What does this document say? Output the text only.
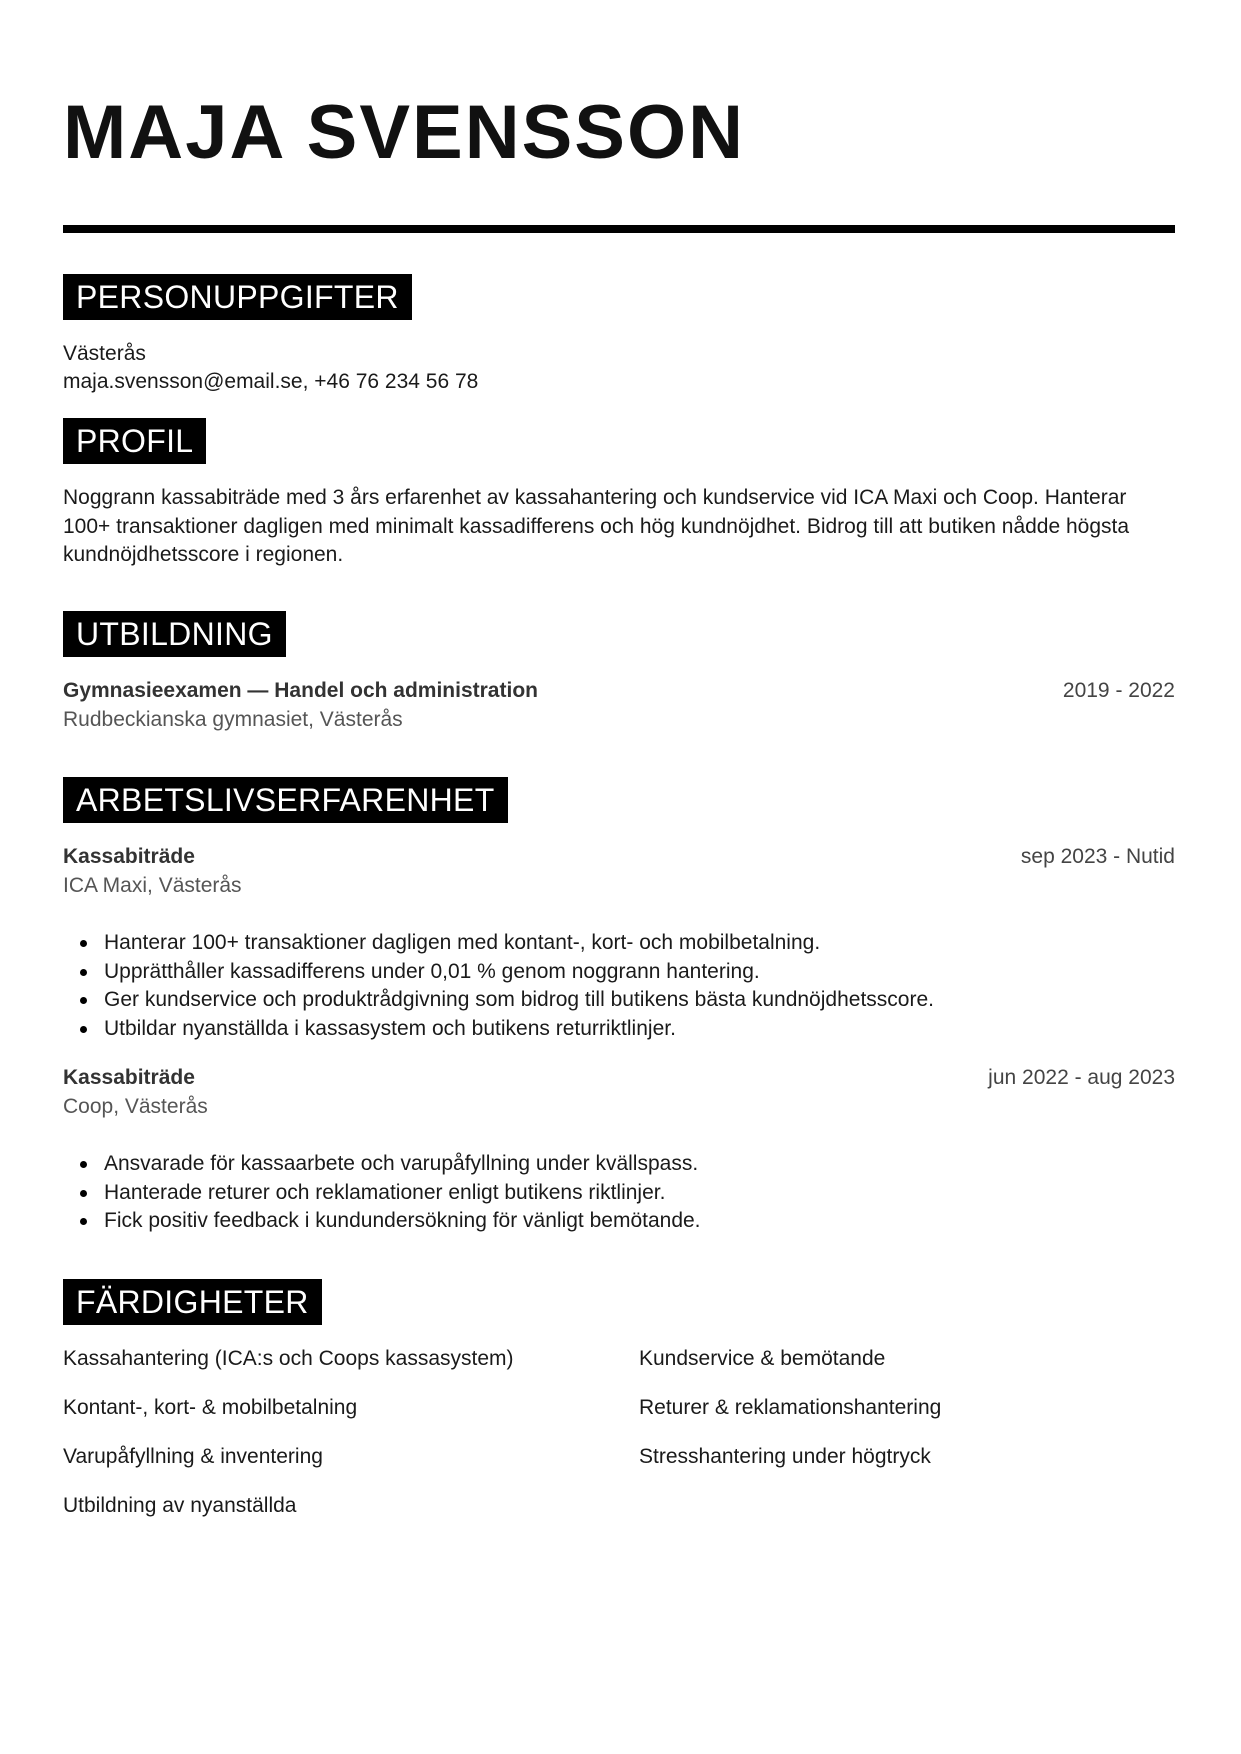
MAJA SVENSSON
PERSONUPPGIFTER
Västerås
maja.svensson@email.se, +46 76 234 56 78
PROFIL

Noggrann kassabiträde med 3 års erfarenhet av kassahantering och kundservice vid ICA Maxi och Coop. Hanterar 100+ transaktioner dagligen med minimalt kassadifferens och hög kundnöjdhet. Bidrog till att butiken nådde högsta kundnöjdhetsscore i regionen.

UTBILDNING
Gymnasieexamen — Handel och administration	2019 - 2022
Rudbeckianska gymnasiet, Västerås
ARBETSLIVSERFARENHET
Kassabiträde	sep 2023 - Nutid
ICA Maxi, Västerås
Hanterar 100+ transaktioner dagligen med kontant-, kort- och mobilbetalning.
Upprätthåller kassadifferens under 0,01 % genom noggrann hantering.
Ger kundservice och produktrådgivning som bidrog till butikens bästa kundnöjdhetsscore.
Utbildar nyanställda i kassasystem och butikens returriktlinjer.
Kassabiträde	jun 2022 - aug 2023
Coop, Västerås
Ansvarade för kassaarbete och varupåfyllning under kvällspass.
Hanterade returer och reklamationer enligt butikens riktlinjer.
Fick positiv feedback i kundundersökning för vänligt bemötande.
FÄRDIGHETER
Kassahantering (ICA:s och Coops kassasystem)	Kundservice & bemötande
Kontant-, kort- & mobilbetalning	Returer & reklamationshantering
Varupåfyllning & inventering	Stresshantering under högtryck
Utbildning av nyanställda
